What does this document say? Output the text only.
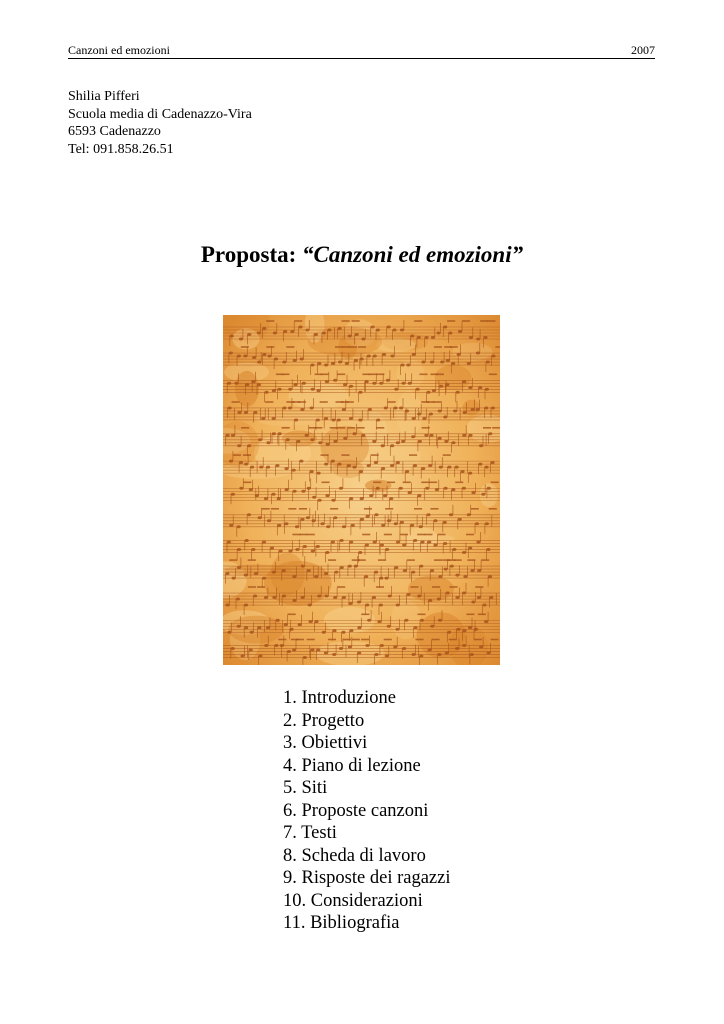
Canzoni ed emozioni	2007
Shilia Pifferi
Scuola media di Cadenazzo-Vira
6593 Cadenazzo
Tel: 091.858.26.51
Proposta: “Canzoni ed emozioni”
1. Introduzione
2. Progetto
3. Obiettivi
4. Piano di lezione
5. Siti
6. Proposte canzoni
7. Testi
8. Scheda di lavoro
9. Risposte dei ragazzi
10. Considerazioni
11. Bibliografia
